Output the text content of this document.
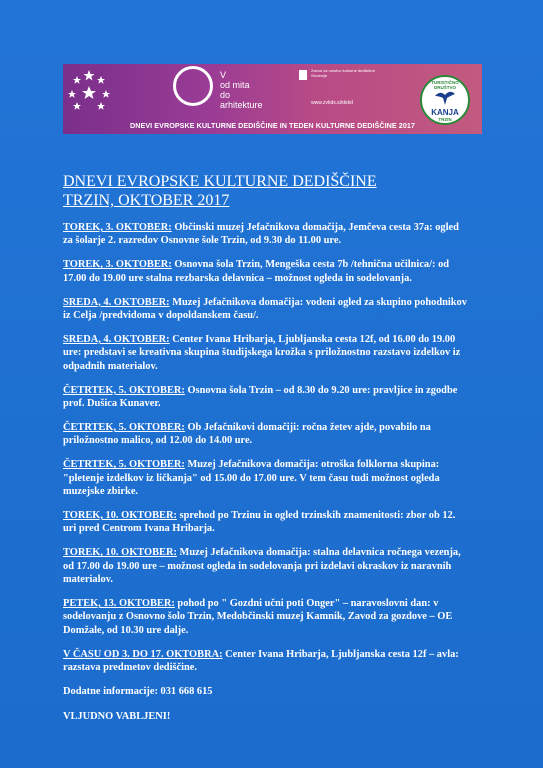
V
od mita
do
arhitekture
Zavod za varstvo kulturne dediščine Slovenije
www.zvkds.si/dekd
DNEVI EVROPSKE KULTURNE DEDIŠČINE IN TEDEN KULTURNE DEDIŠČINE 2017
TURISTIČNO DRUŠTVO
KANJA
TRZIN
DNEVI EVROPSKE KULTURNE DEDIŠČINE
TRZIN, OKTOBER 2017

TOREK, 3. OKTOBER: Občinski muzej Jefačnikova domačija, Jemčeva cesta 37a: ogled za šolarje 2. razredov Osnovne šole Trzin, od 9.30 do 11.00 ure.

TOREK, 3. OKTOBER: Osnovna šola Trzin, Mengeška cesta 7b /tehnična učilnica/: od 17.00 do 19.00 ure stalna rezbarska delavnica – možnost ogleda in sodelovanja.

SREDA, 4. OKTOBER: Muzej Jefačnikova domačija: vodeni ogled za skupino pohodnikov iz Celja /predvidoma v dopoldanskem času/.

SREDA, 4. OKTOBER: Center Ivana Hribarja, Ljubljanska cesta 12f, od 16.00 do 19.00 ure: predstavi se kreativna skupina študijskega krožka s priložnostno razstavo izdelkov iz odpadnih materialov.

ČETRTEK, 5. OKTOBER: Osnovna šola Trzin – od 8.30 do 9.20 ure: pravljice in zgodbe prof. Dušica Kunaver.

ČETRTEK, 5. OKTOBER: Ob Jefačnikovi domačiji: ročna žetev ajde, povabilo na priložnostno malico, od 12.00 do 14.00 ure.

ČETRTEK, 5. OKTOBER: Muzej Jefačnikova domačija: otroška folklorna skupina: "pletenje izdelkov iz ličkanja" od 15.00 do 17.00 ure. V tem času tudi možnost ogleda muzejske zbirke.

TOREK, 10. OKTOBER: sprehod po Trzinu in ogled trzinskih znamenitosti: zbor ob 12. uri pred Centrom Ivana Hribarja.

TOREK, 10. OKTOBER: Muzej Jefačnikova domačija: stalna delavnica ročnega vezenja, od 17.00 do 19.00 ure – možnost ogleda in sodelovanja pri izdelavi okraskov iz naravnih materialov.

PETEK, 13. OKTOBER: pohod po " Gozdni učni poti Onger" – naravoslovni dan: v sodelovanju z Osnovno šolo Trzin, Medobčinski muzej Kamnik, Zavod za gozdove – OE Domžale, od 10.30 ure dalje.

V ČASU OD 3. DO 17. OKTOBRA: Center Ivana Hribarja, Ljubljanska cesta 12f – avla: razstava predmetov dediščine.

Dodatne informacije: 031 668 615

VLJUDNO VABLJENI!
